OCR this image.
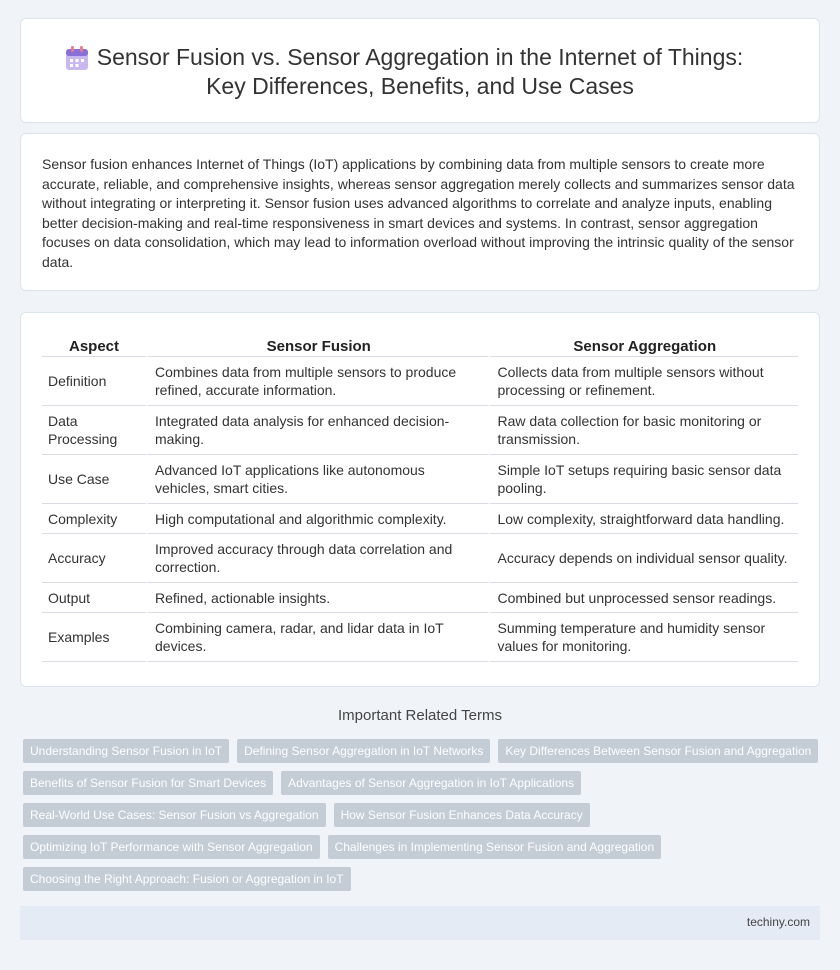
Sensor Fusion vs. Sensor Aggregation in the Internet of Things:
Key Differences, Benefits, and Use Cases

Sensor fusion enhances Internet of Things (IoT) applications by combining data from multiple sensors to create more accurate, reliable, and comprehensive insights, whereas sensor aggregation merely collects and summarizes sensor data without integrating or interpreting it. Sensor fusion uses advanced algorithms to correlate and analyze inputs, enabling better decision-making and real-time responsiveness in smart devices and systems. In contrast, sensor aggregation focuses on data consolidation, which may lead to information overload without improving the intrinsic quality of the sensor data.

Aspect	Sensor Fusion	Sensor Aggregation
Definition	Combines data from multiple sensors to produce refined, accurate information.	Collects data from multiple sensors without processing or refinement.
Data Processing	Integrated data analysis for enhanced decision-making.	Raw data collection for basic monitoring or transmission.
Use Case	Advanced IoT applications like autonomous vehicles, smart cities.	Simple IoT setups requiring basic sensor data pooling.
Complexity	High computational and algorithmic complexity.	Low complexity, straightforward data handling.
Accuracy	Improved accuracy through data correlation and correction.	Accuracy depends on individual sensor quality.
Output	Refined, actionable insights.	Combined but unprocessed sensor readings.
Examples	Combining camera, radar, and lidar data in IoT devices.	Summing temperature and humidity sensor values for monitoring.
Important Related Terms
Understanding Sensor Fusion in IoT	Defining Sensor Aggregation in IoT Networks	Key Differences Between Sensor Fusion and Aggregation
Benefits of Sensor Fusion for Smart Devices	Advantages of Sensor Aggregation in IoT Applications
Real-World Use Cases: Sensor Fusion vs Aggregation	How Sensor Fusion Enhances Data Accuracy
Optimizing IoT Performance with Sensor Aggregation	Challenges in Implementing Sensor Fusion and Aggregation
Choosing the Right Approach: Fusion or Aggregation in IoT
techiny.com
